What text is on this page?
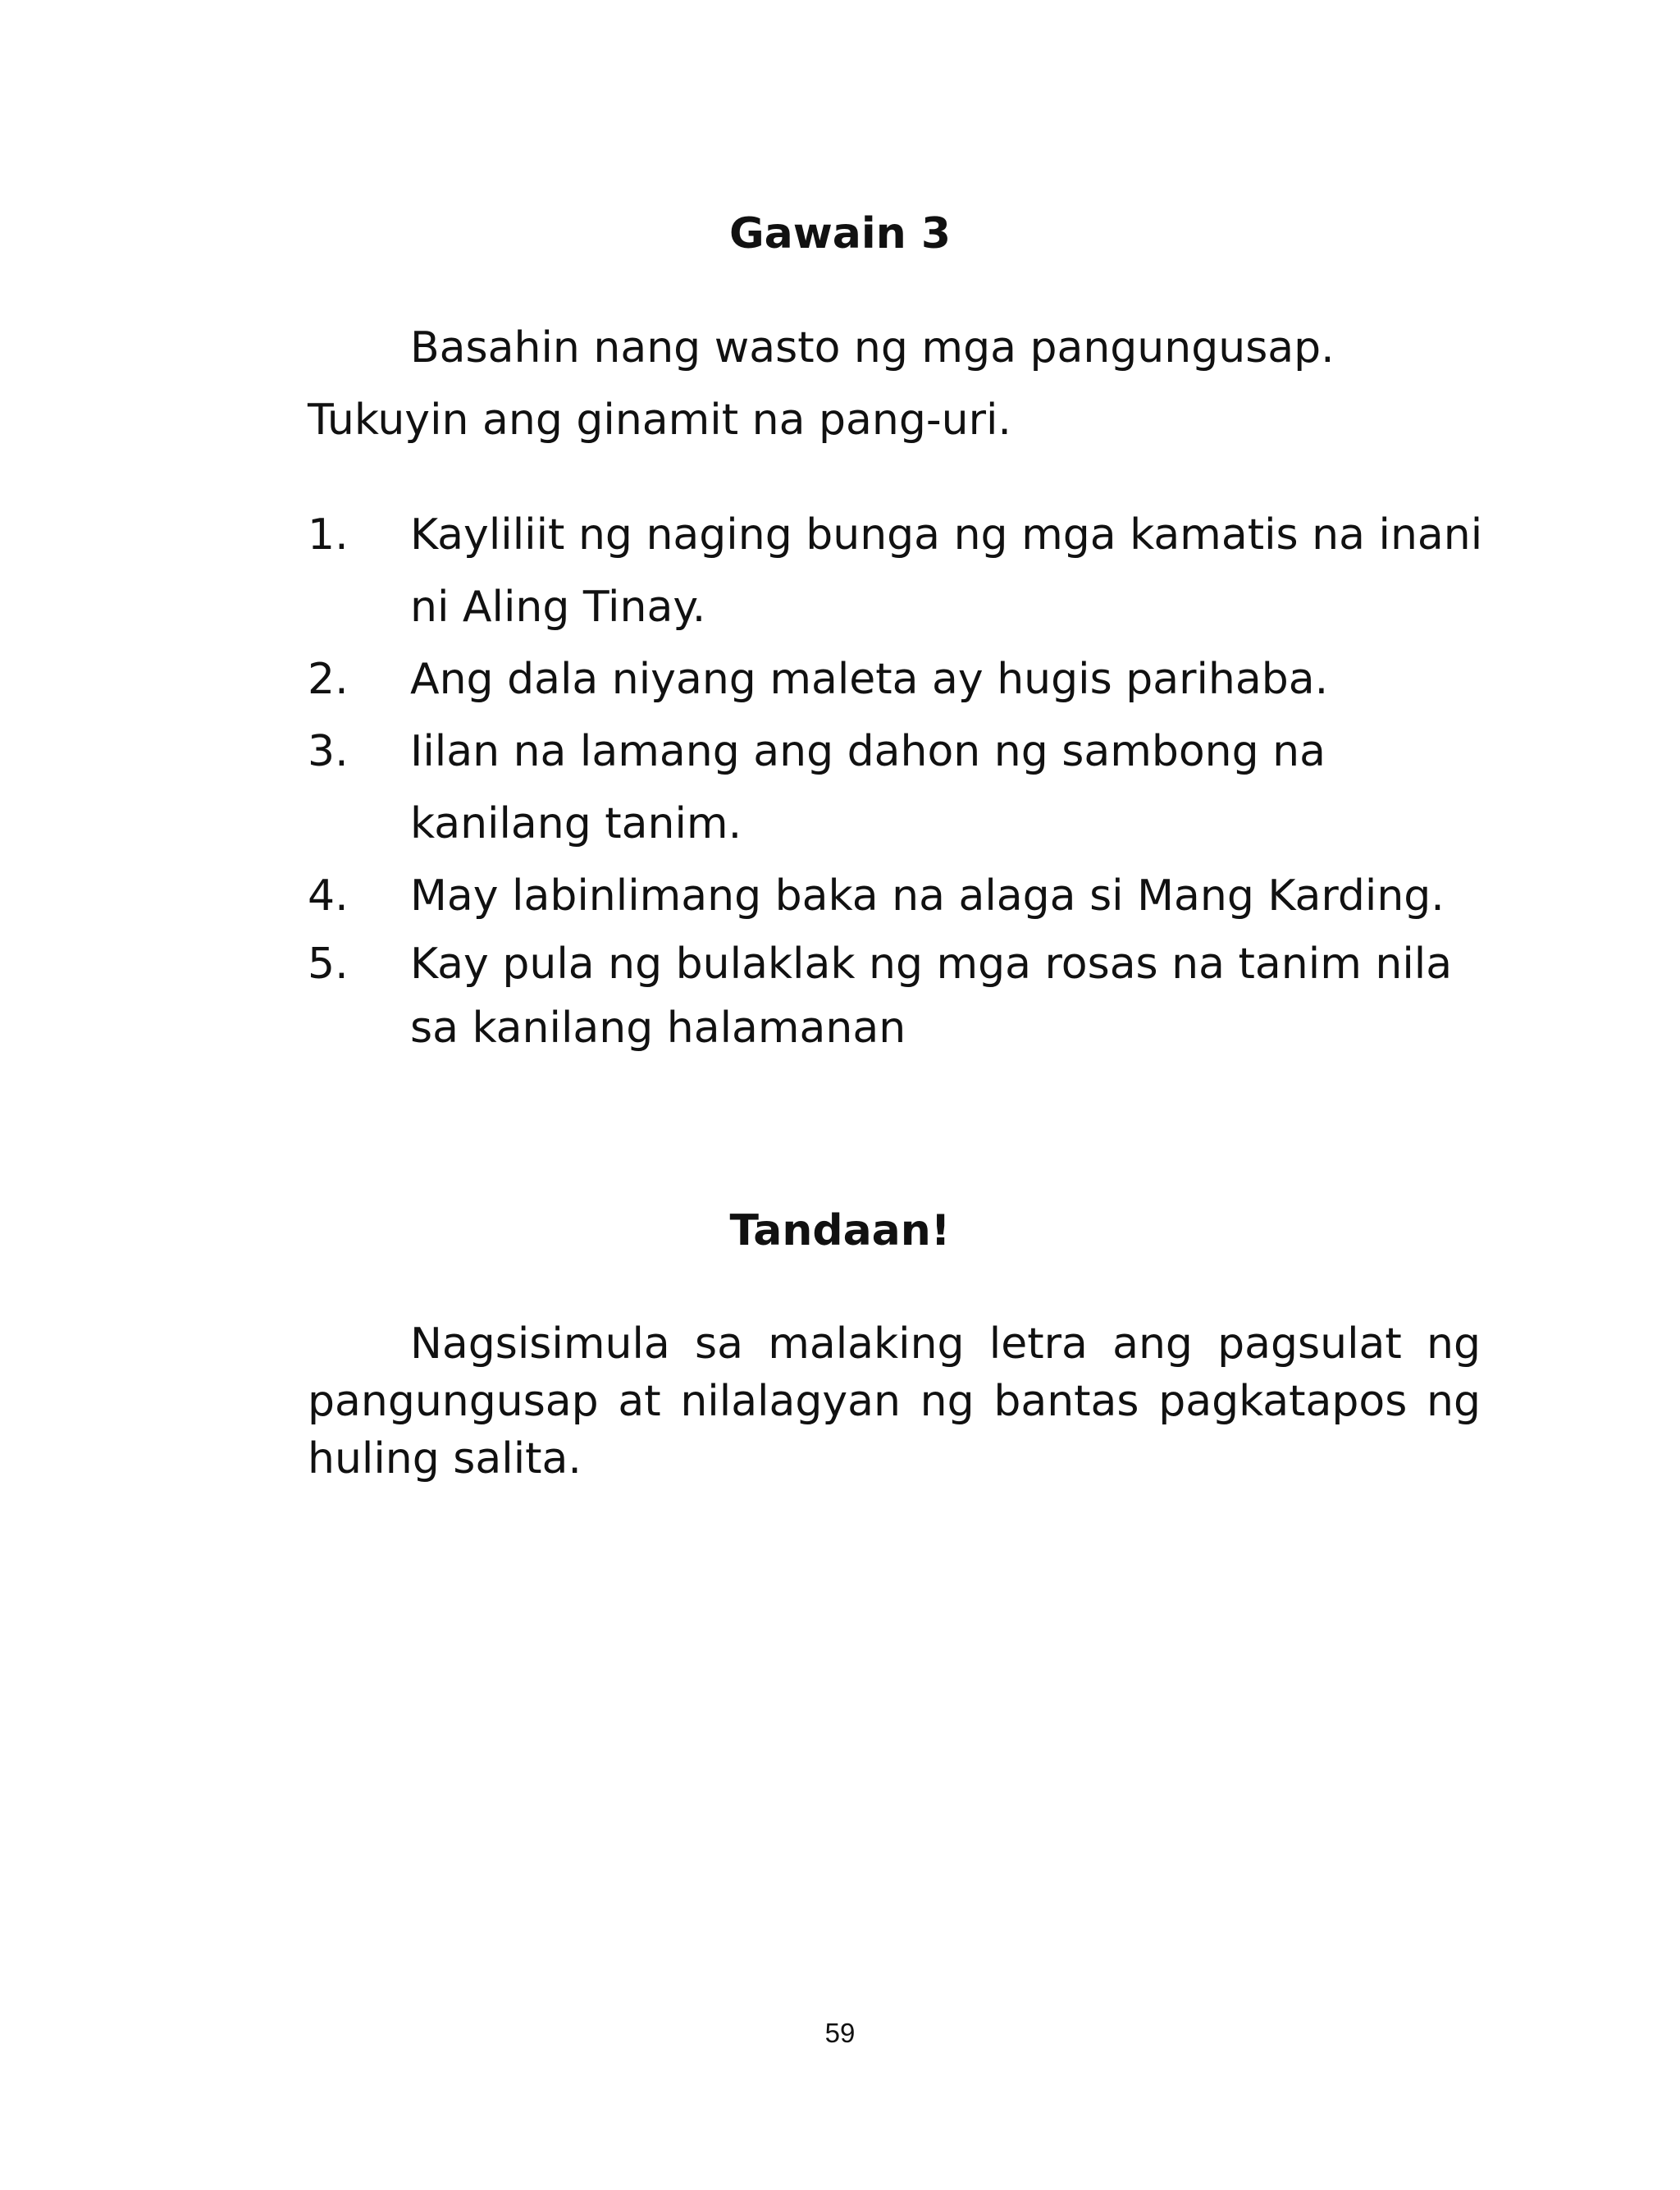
Gawain 3

Basahin nang wasto ng mga pangungusap.
Tukuyin ang ginamit na pang-uri.

1. Kayliliit ng naging bunga ng mga kamatis na inani ni Aling Tinay.
2. Ang dala niyang maleta ay hugis parihaba.
3. Iilan na lamang ang dahon ng sambong na kanilang tanim.
4. May labinlimang baka na alaga si Mang Karding.
5. Kay pula ng bulaklak ng mga rosas na tanim nila sa kanilang halamanan
Tandaan!

Nagsisimula sa malaking letra ang pagsulat ng pangungusap at nilalagyan ng bantas pagkatapos ng huling salita.

59
